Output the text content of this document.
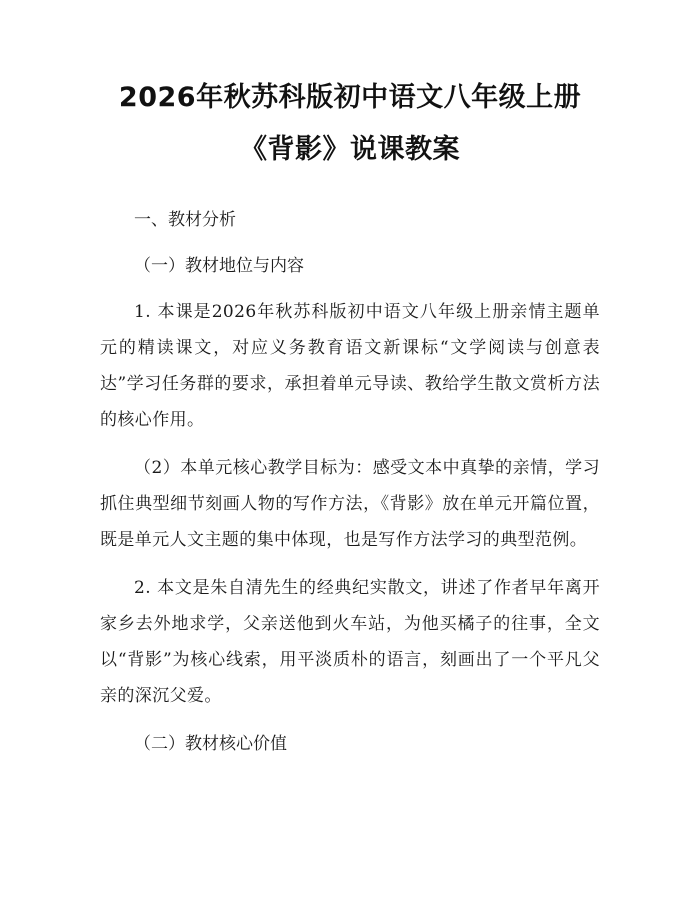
2026年秋苏科版初中语文八年级上册《背影》说课教案

一、教材分析

（一）教材地位与内容

1. 本课是2026年秋苏科版初中语文八年级上册亲情主题单元的精读课文，对应义务教育语文新课标“文学阅读与创意表达”学习任务群的要求，承担着单元导读、教给学生散文赏析方法的核心作用。

（2）本单元核心教学目标为：感受文本中真挚的亲情，学习抓住典型细节刻画人物的写作方法，《背影》放在单元开篇位置，既是单元人文主题的集中体现，也是写作方法学习的典型范例。

2. 本文是朱自清先生的经典纪实散文，讲述了作者早年离开家乡去外地求学，父亲送他到火车站，为他买橘子的往事，全文以“背影”为核心线索，用平淡质朴的语言，刻画出了一个平凡父亲的深沉父爱。

（二）教材核心价值
